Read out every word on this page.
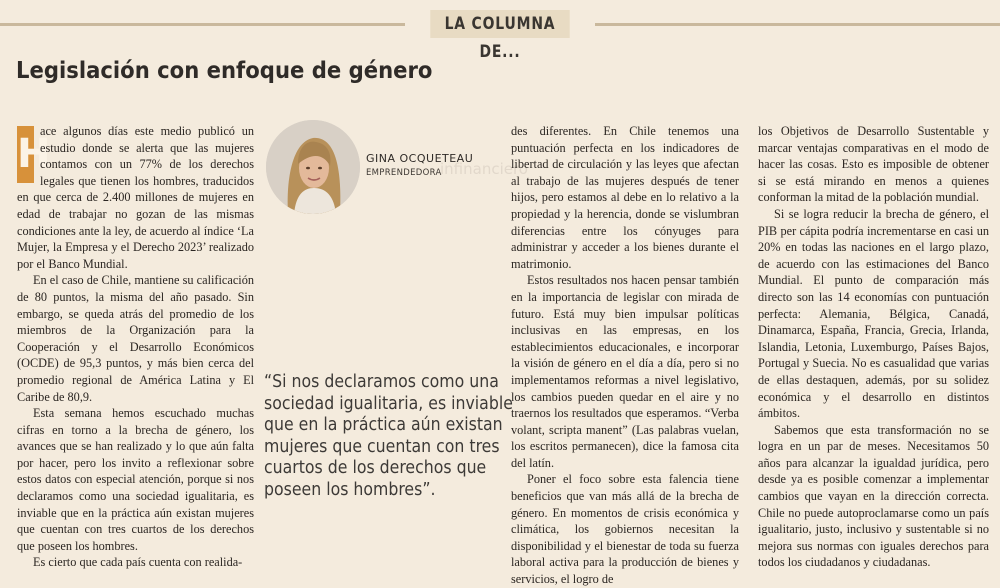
LA COLUMNA DE...
Legislación con enfoque de género
infinanciero

H
ace algunos días este medio publicó un estudio donde se alerta que las mujeres contamos con un 77% de los derechos legales que tienen los hombres, traducidos en que cerca de 2.400 millones de mujeres en edad de trabajar no gozan de las mismas condiciones ante la ley, de acuerdo al índice ‘La Mujer, la Empresa y el Derecho 2023’ realizado por el Banco Mundial.

En el caso de Chile, mantiene su calificación de 80 puntos, la misma del año pasado. Sin embargo, se queda atrás del promedio de los miembros de la Organización para la Cooperación y el Desarrollo Económicos (OCDE) de 95,3 puntos, y más bien cerca del promedio regional de América Latina y El Caribe de 80,9.

Esta semana hemos escuchado muchas cifras en torno a la brecha de género, los avances que se han realizado y lo que aún falta por hacer, pero los invito a reflexionar sobre estos datos con especial atención, porque si nos declaramos como una sociedad igualitaria, es inviable que en la práctica aún existan mujeres que cuentan con tres cuartos de los derechos que poseen los hombres.

Es cierto que cada país cuenta con realida-

GINA OCQUETEAU
EMPRENDEDORA

“Si nos declaramos como una sociedad igualitaria, es inviable que en la práctica aún existan mujeres que cuentan con tres cuartos de los derechos que poseen los hombres”.

des diferentes. En Chile tenemos una puntuación perfecta en los indicadores de libertad de circulación y las leyes que afectan al trabajo de las mujeres después de tener hijos, pero estamos al debe en lo relativo a la propiedad y la herencia, donde se vislumbran diferencias entre los cónyuges para administrar y acceder a los bienes durante el matrimonio.

Estos resultados nos hacen pensar también en la importancia de legislar con mirada de futuro. Está muy bien impulsar políticas inclusivas en las empresas, en los establecimientos educacionales, e incorporar la visión de género en el día a día, pero si no implementamos reformas a nivel legislativo, los cambios pueden quedar en el aire y no traernos los resultados que esperamos. “Verba volant, scripta manent” (Las palabras vuelan, los escritos permanecen), dice la famosa cita del latín.

Poner el foco sobre esta falencia tiene beneficios que van más allá de la brecha de género. En momentos de crisis económica y climática, los gobiernos necesitan la disponibilidad y el bienestar de toda su fuerza laboral activa para la producción de bienes y servicios, el logro de

los Objetivos de Desarrollo Sustentable y marcar ventajas comparativas en el modo de hacer las cosas. Esto es imposible de obtener si se está mirando en menos a quienes conforman la mitad de la población mundial.

Si se logra reducir la brecha de género, el PIB per cápita podría incrementarse en casi un 20% en todas las naciones en el largo plazo, de acuerdo con las estimaciones del Banco Mundial. El punto de comparación más directo son las 14 economías con puntuación perfecta: Alemania, Bélgica, Canadá, Dinamarca, España, Francia, Grecia, Irlanda, Islandia, Letonia, Luxemburgo, Países Bajos, Portugal y Suecia. No es casualidad que varias de ellas destaquen, además, por su solidez económica y el desarrollo en distintos ámbitos.

Sabemos que esta transformación no se logra en un par de meses. Necesitamos 50 años para alcanzar la igualdad jurídica, pero desde ya es posible comenzar a implementar cambios que vayan en la dirección correcta. Chile no puede autoproclamarse como un país igualitario, justo, inclusivo y sustentable si no mejora sus normas con iguales derechos para todos los ciudadanos y ciudadanas.
